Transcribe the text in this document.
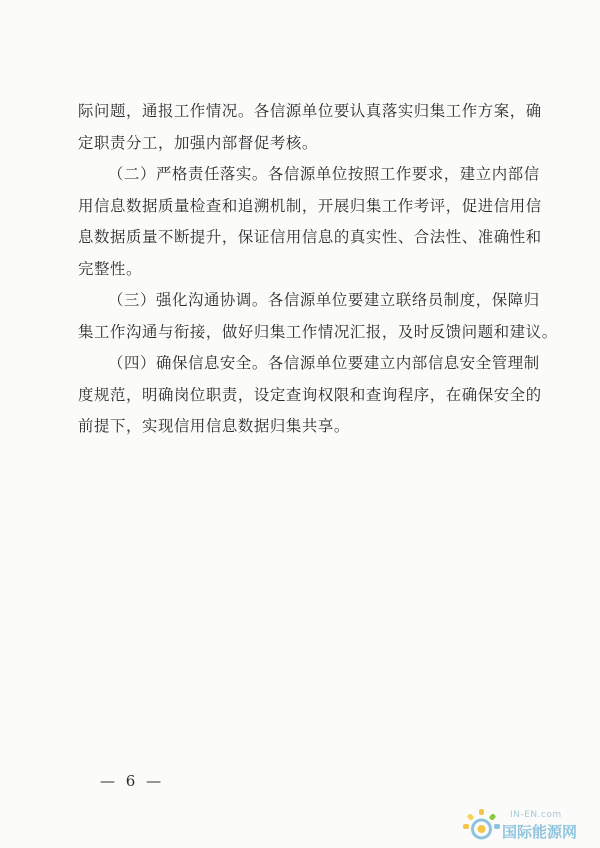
际问题，通报工作情况。各信源单位要认真落实归集工作方案，确
定职责分工，加强内部督促考核。
（二）严格责任落实。各信源单位按照工作要求，建立内部信
用信息数据质量检查和追溯机制，开展归集工作考评，促进信用信
息数据质量不断提升，保证信用信息的真实性、合法性、准确性和
完整性。
（三）强化沟通协调。各信源单位要建立联络员制度，保障归
集工作沟通与衔接，做好归集工作情况汇报，及时反馈问题和建议。
（四）确保信息安全。各信源单位要建立内部信息安全管理制
度规范，明确岗位职责，设定查询权限和查询程序，在确保安全的
前提下，实现信用信息数据归集共享。
— 6 —
IN-EN.com
国际能源网
